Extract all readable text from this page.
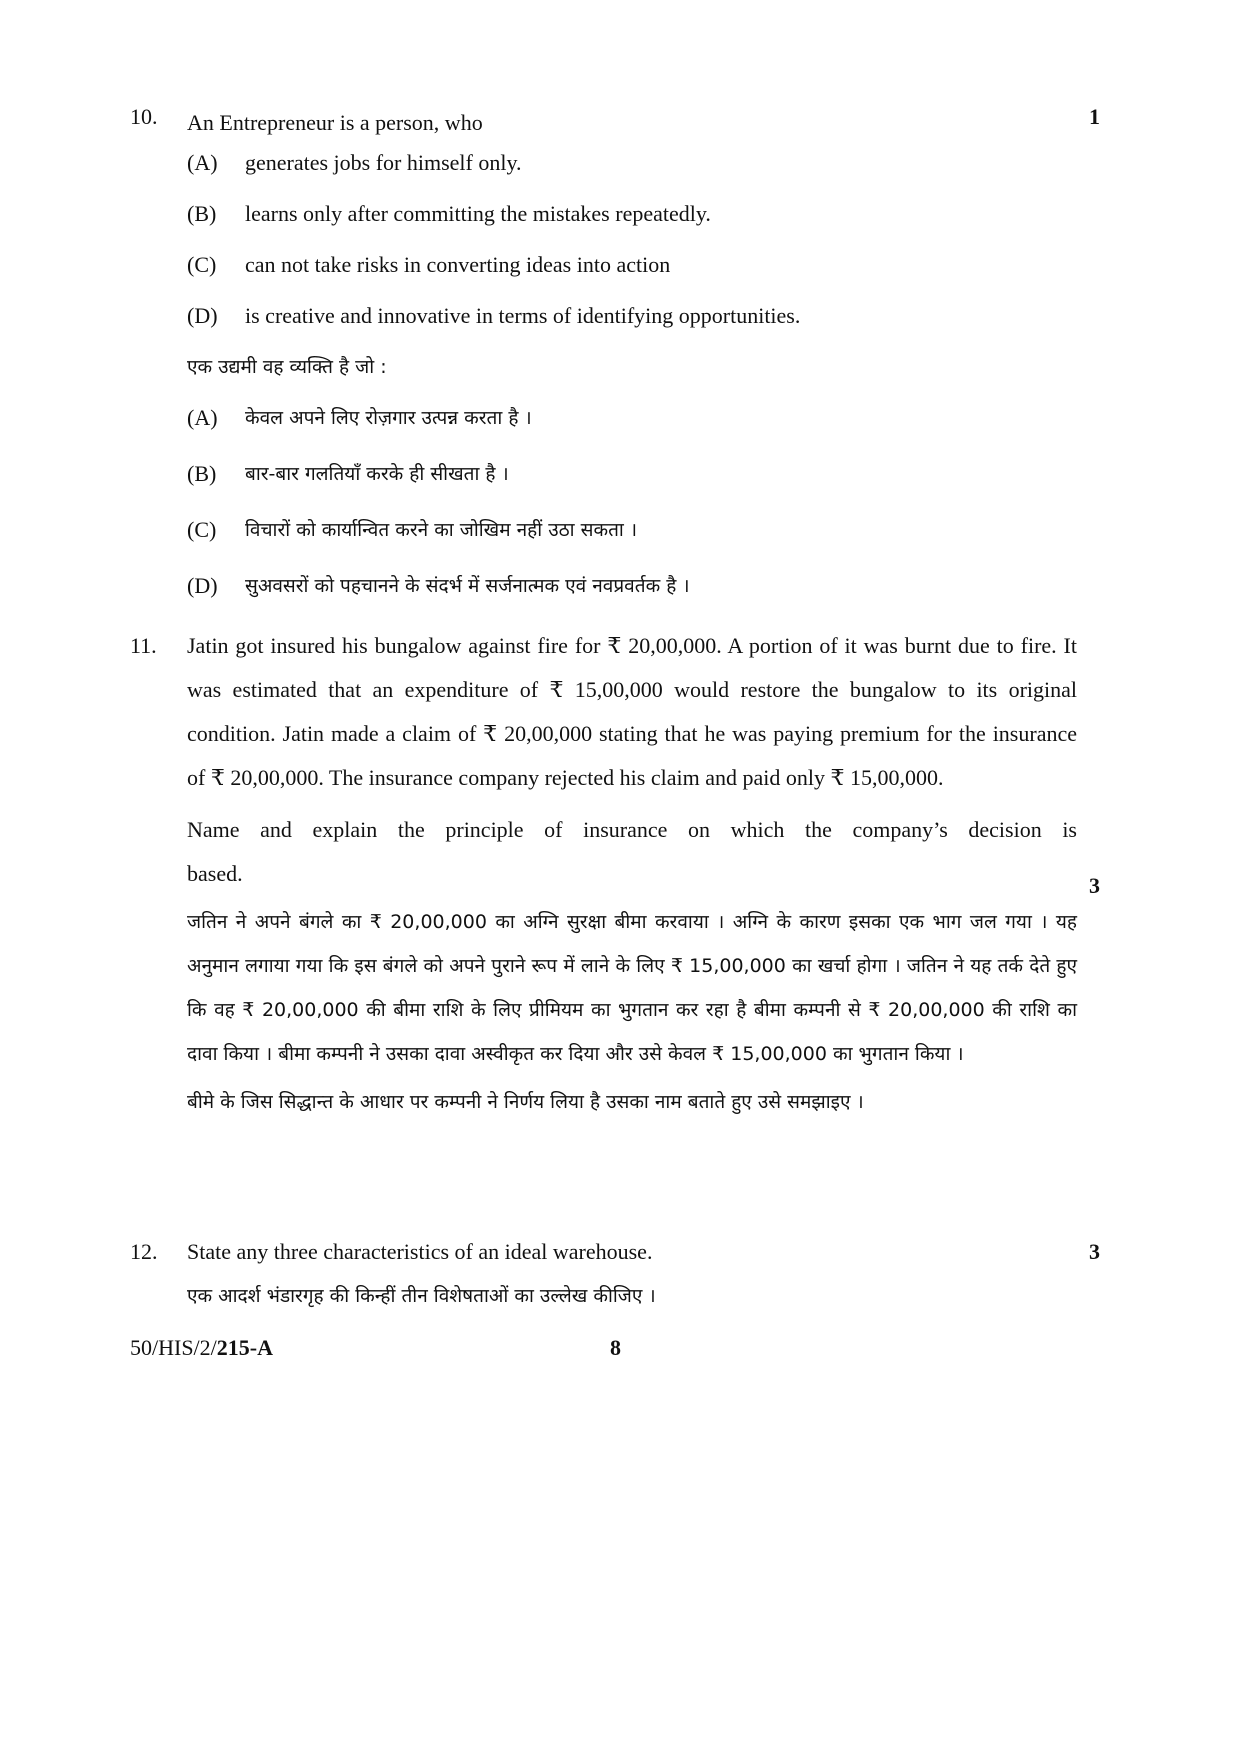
10.	1
An Entrepreneur is a person, who
(A)	generates jobs for himself only.
(B)	learns only after committing the mistakes repeatedly.
(C)	can not take risks in converting ideas into action
(D)	is creative and innovative in terms of identifying opportunities.
एक उद्यमी वह व्यक्ति है जो :
(A)	केवल अपने लिए रोज़गार उत्पन्न करता है ।
(B)	बार-बार गलतियाँ करके ही सीखता है ।
(C)	विचारों को कार्यान्वित करने का जोखिम नहीं उठा सकता ।
(D)	सुअवसरों को पहचानने के संदर्भ में सर्जनात्मक एवं नवप्रवर्तक है ।
11.	Jatin got insured his bungalow against fire for ₹ 20,00,000. A portion of it was burnt due to fire. It was estimated that an expenditure of ₹ 15,00,000 would restore the bungalow to its original condition. Jatin made a claim of ₹ 20,00,000 stating that he was paying premium for the insurance of ₹ 20,00,000. The insurance company rejected his claim and paid only ₹ 15,00,000.

Name and explain the principle of insurance on which the company’s decision is

based.

जतिन ने अपने बंगले का ₹ 20,00,000 का अग्नि सुरक्षा बीमा करवाया । अग्नि के कारण इसका एक भाग जल गया । यह अनुमान लगाया गया कि इस बंगले को अपने पुराने रूप में लाने के लिए ₹ 15,00,000 का खर्चा होगा । जतिन ने यह तर्क देते हुए कि वह ₹ 20,00,000 की बीमा राशि के लिए प्रीमियम का भुगतान कर रहा है बीमा कम्पनी से ₹ 20,00,000 की राशि का दावा किया । बीमा कम्पनी ने उसका दावा अस्वीकृत कर दिया और उसे केवल ₹ 15,00,000 का भुगतान किया ।

बीमे के जिस सिद्धान्त के आधार पर कम्पनी ने निर्णय लिया है उसका नाम बताते हुए उसे समझाइए ।

3
12.	3
State any three characteristics of an ideal warehouse.
एक आदर्श भंडारगृह की किन्हीं तीन विशेषताओं का उल्लेख कीजिए ।
50/HIS/2/215-A	8
